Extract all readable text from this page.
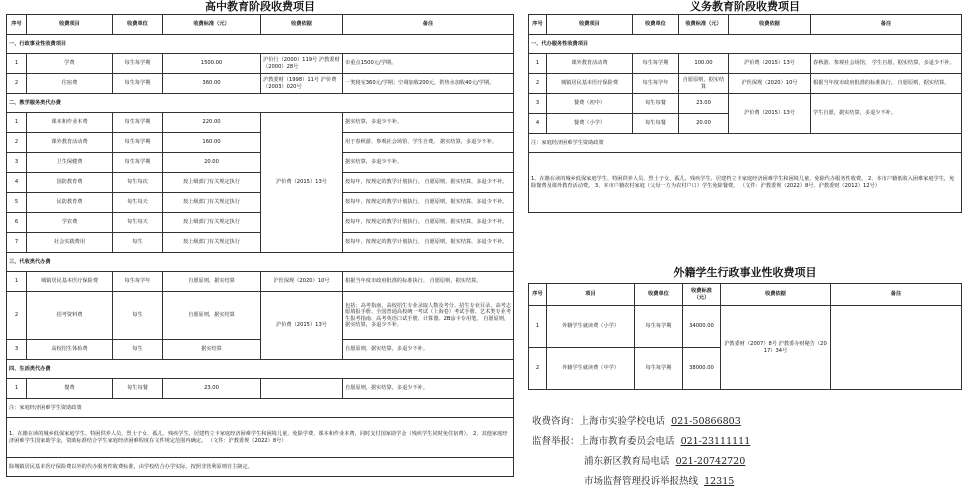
高中教育阶段收费项目
序号	收费项目	收费单位	收费标准（元）	收费依据	备注
一、行政事业性收费项目					
1	学费	每生每学期	1500.00	沪价行（2000）119号 沪教委财（2000）28号	市重点1500元/学期。
2	住宿费	每生每学期	360.00	沪教委财（1998）11号 沪价费（2003）020号	一类寝室360元/学期；空调加收200元，供热水加收40元/学期。
二、教学服务类代办费					
1	课本和作业本费	每生每学期	220.00	沪价费（2015）13号	据实结算，多退少不补。
2	课外教育活动费	每生每学期	160.00		用于春秋游、参观社会场馆、学生自费。 据实结算，多退少不补。
3	卫生保健费	每生每学期	20.00		据实结算，多退少不补。
4	国防教育费	每生每次	按上级部门有关规定执行		按每年，按规定的教学计划执行。 自愿原则，据实结算，多退少不补。
5	民防教育费	每生每天	按上级部门有关规定执行		按每年，按规定的教学计划执行。 自愿原则，据实结算，多退少不补。
6	学农费	每生每天	按上级部门有关规定执行		按每年，按规定的教学计划执行。 自愿原则，据实结算，多退少不补。
7	社会实践费用	每生	按上级部门有关规定执行		按每年，按规定的教学计划执行。 自愿原则，据实结算，多退少不补。
三、代收类代办费					
1	城镇居民基本医疗保险费	每生每学年	自愿原则，据实结算	沪医保规（2020）10号	根据当年度市政府批准的标准执行。 自愿原则，据实结算。
2	招考资料费	每生	自愿原则，据实结算	沪价费（2015）13号	包括：高考指南、高校招生专业录取人数及考分、招生专业目录、高考志愿填报手册、全国普通高校统一考试（上海卷）考试手册、艺术类专业考生报考指南、高考英语口试手册、计算器、2B涂卡专用笔。 自愿原则，据实结算，多退少不补。
3	高校招生体检费	每生	据实结算		自愿原则，据实结算，多退少不补。
四、生活类代办费					
1	餐费	每生每餐	23.00		自愿原则，据实结算，多退少不补。
注：家庭经济困难学生资助政策					
1、在籍在读的城乡低保家庭学生、特困供养人员、烈士子女、孤儿、残疾学生、居建档立卡家庭经济困难学生和困境儿童，免除学费、课本和作业本费，同时支付国家助学金（残疾学生同时免住宿费）。 2、其他家庭经济困难学生国家助学金，资助标准结合学生家庭经济困难程度在文件规定范围内确定。 （文件：沪教委规（2022）8号）					
除城镇居民基本医疗保险费以外的代办服务性收费标准，由学校结合办学实际，按照非营利原则自主制定。					
义务教育阶段收费项目
序号	收费项目	收费单位	收费标准（元）	收费依据	备注
一、代办服务性收费项目					
1	课外教育活动费	每生每学期	100.00	沪价费（2015）13号	春秋游、参观社会场馆， 学生自愿，据实结算，多退少不补。
2	城镇居民基本医疗保险费	每生每学年	自愿原则，据实结算	沪医保规（2020）10号	根据当年度市政府批准的标准执行。 自愿原则，据实结算。
3	餐费（初中）	每生每餐	23.00	沪价费（2015）13号	学生自愿，据实结算，多退少不补。
4	餐费（小学）	每生每餐	20.00		
注：家庭经济困难学生资助政策					
1、在籍在读的城乡低保家庭学生、特困供养人员、烈士子女、孤儿、残疾学生、居建档立卡家庭经济困难学生和困境儿童，免除代办服务性收费。 2、本市户籍低收入困难家庭学生，免除餐费及课外教育活动费。 3、本市户籍农村家庭（父母一方为农村户口）学生免除餐费。 （文件：沪教委规（2022）8号、沪教委财（2012）12号）					
外籍学生行政事业性收费项目
序号	项目	收费单位	收费标准（元）	收费依据	备注
1	外籍学生就读费（小学）	每生每学期	34000.00	沪教委财（2007）8号 沪教委办财秘告（2017）34号	
2	外籍学生就读费（中学）	每生每学期	38000.00		
收费咨询：上海市实验学校电话 021-50866803
监督举报：上海市教育委员会电话 021-23111111
浦东新区教育局电话 021-20742720
市场监督管理投诉举报热线 12315
